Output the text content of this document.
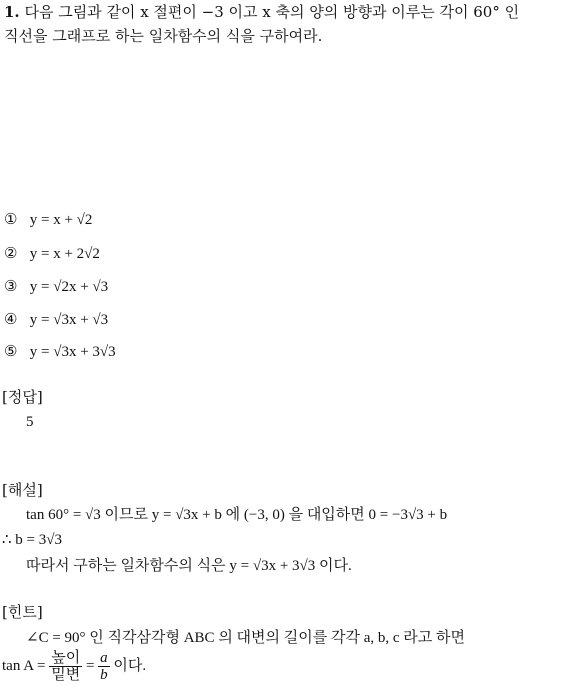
1. 다음 그림과 같이 x 절편이 −3 이고 x 축의 양의 방향과 이루는 각이 60° 인
직선을 그래프로 하는 일차함수의 식을 구하여라.
① y = x + √2
② y = x + 2√2
③ y = √2x + √3
④ y = √3x + √3
⑤ y = √3x + 3√3
[정답]
5
[해설]
tan 60° = √3 이므로 y = √3x + b 에 (−3, 0) 을 대입하면 0 = −3√3 + b
∴ b = 3√3
따라서 구하는 일차함수의 식은 y = √3x + 3√3 이다.
[힌트]
∠C = 90° 인 직각삼각형 ABC 의 대변의 길이를 각각 a, b, c 라고 하면
$\tan A = \frac{\text{높이}}{\text{밑변}} = \frac{a}{b}$ 이다.
